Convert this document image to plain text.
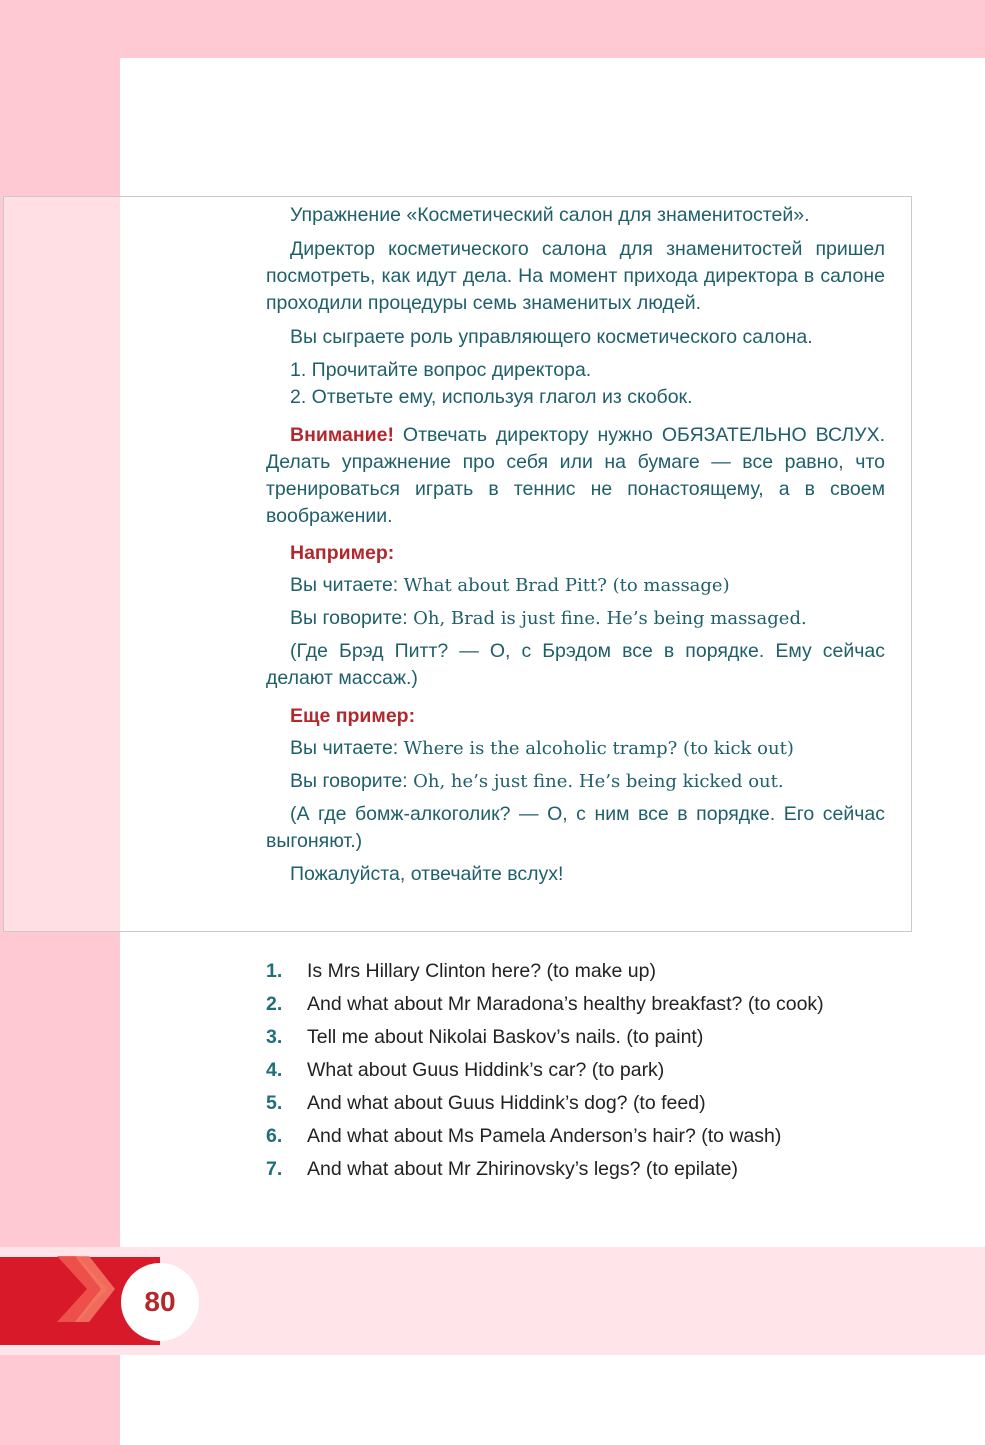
Упражнение «Косметический салон для знаменитостей».

Директор косметического салона для знаменитостей пришел посмотреть, как идут дела. На момент прихода директора в салоне проходили процедуры семь знаменитых людей.

Вы сыграете роль управляющего косметического салона.

1. Прочитайте вопрос директора.

2. Ответьте ему, используя глагол из скобок.

Внимание! Отвечать директору нужно ОБЯЗАТЕЛЬНО ВСЛУХ. Делать упражнение про себя или на бумаге — все равно, что тренироваться играть в теннис не понастоящему, а в своем воображении.

Например:

Вы читаете: What about Brad Pitt? (to massage)

Вы говорите: Oh, Brad is just fine. He’s being massaged.

(Где Брэд Питт? — О, с Брэдом все в порядке. Ему сейчас делают массаж.)

Еще пример:

Вы читаете: Where is the alcoholic tramp? (to kick out)

Вы говорите: Oh, he’s just fine. He’s being kicked out.

(А где бомж-алкоголик? — О, с ним все в порядке. Его сейчас выгоняют.)

Пожалуйста, отвечайте вслух!

1.	Is Mrs Hillary Clinton here? (to make up)
2.	And what about Mr Maradona’s healthy breakfast? (to cook)
3.	Tell me about Nikolai Baskov’s nails. (to paint)
4.	What about Guus Hiddink’s car? (to park)
5.	And what about Guus Hiddink’s dog? (to feed)
6.	And what about Ms Pamela Anderson’s hair? (to wash)
7.	And what about Mr Zhirinovsky’s legs? (to epilate)
80
